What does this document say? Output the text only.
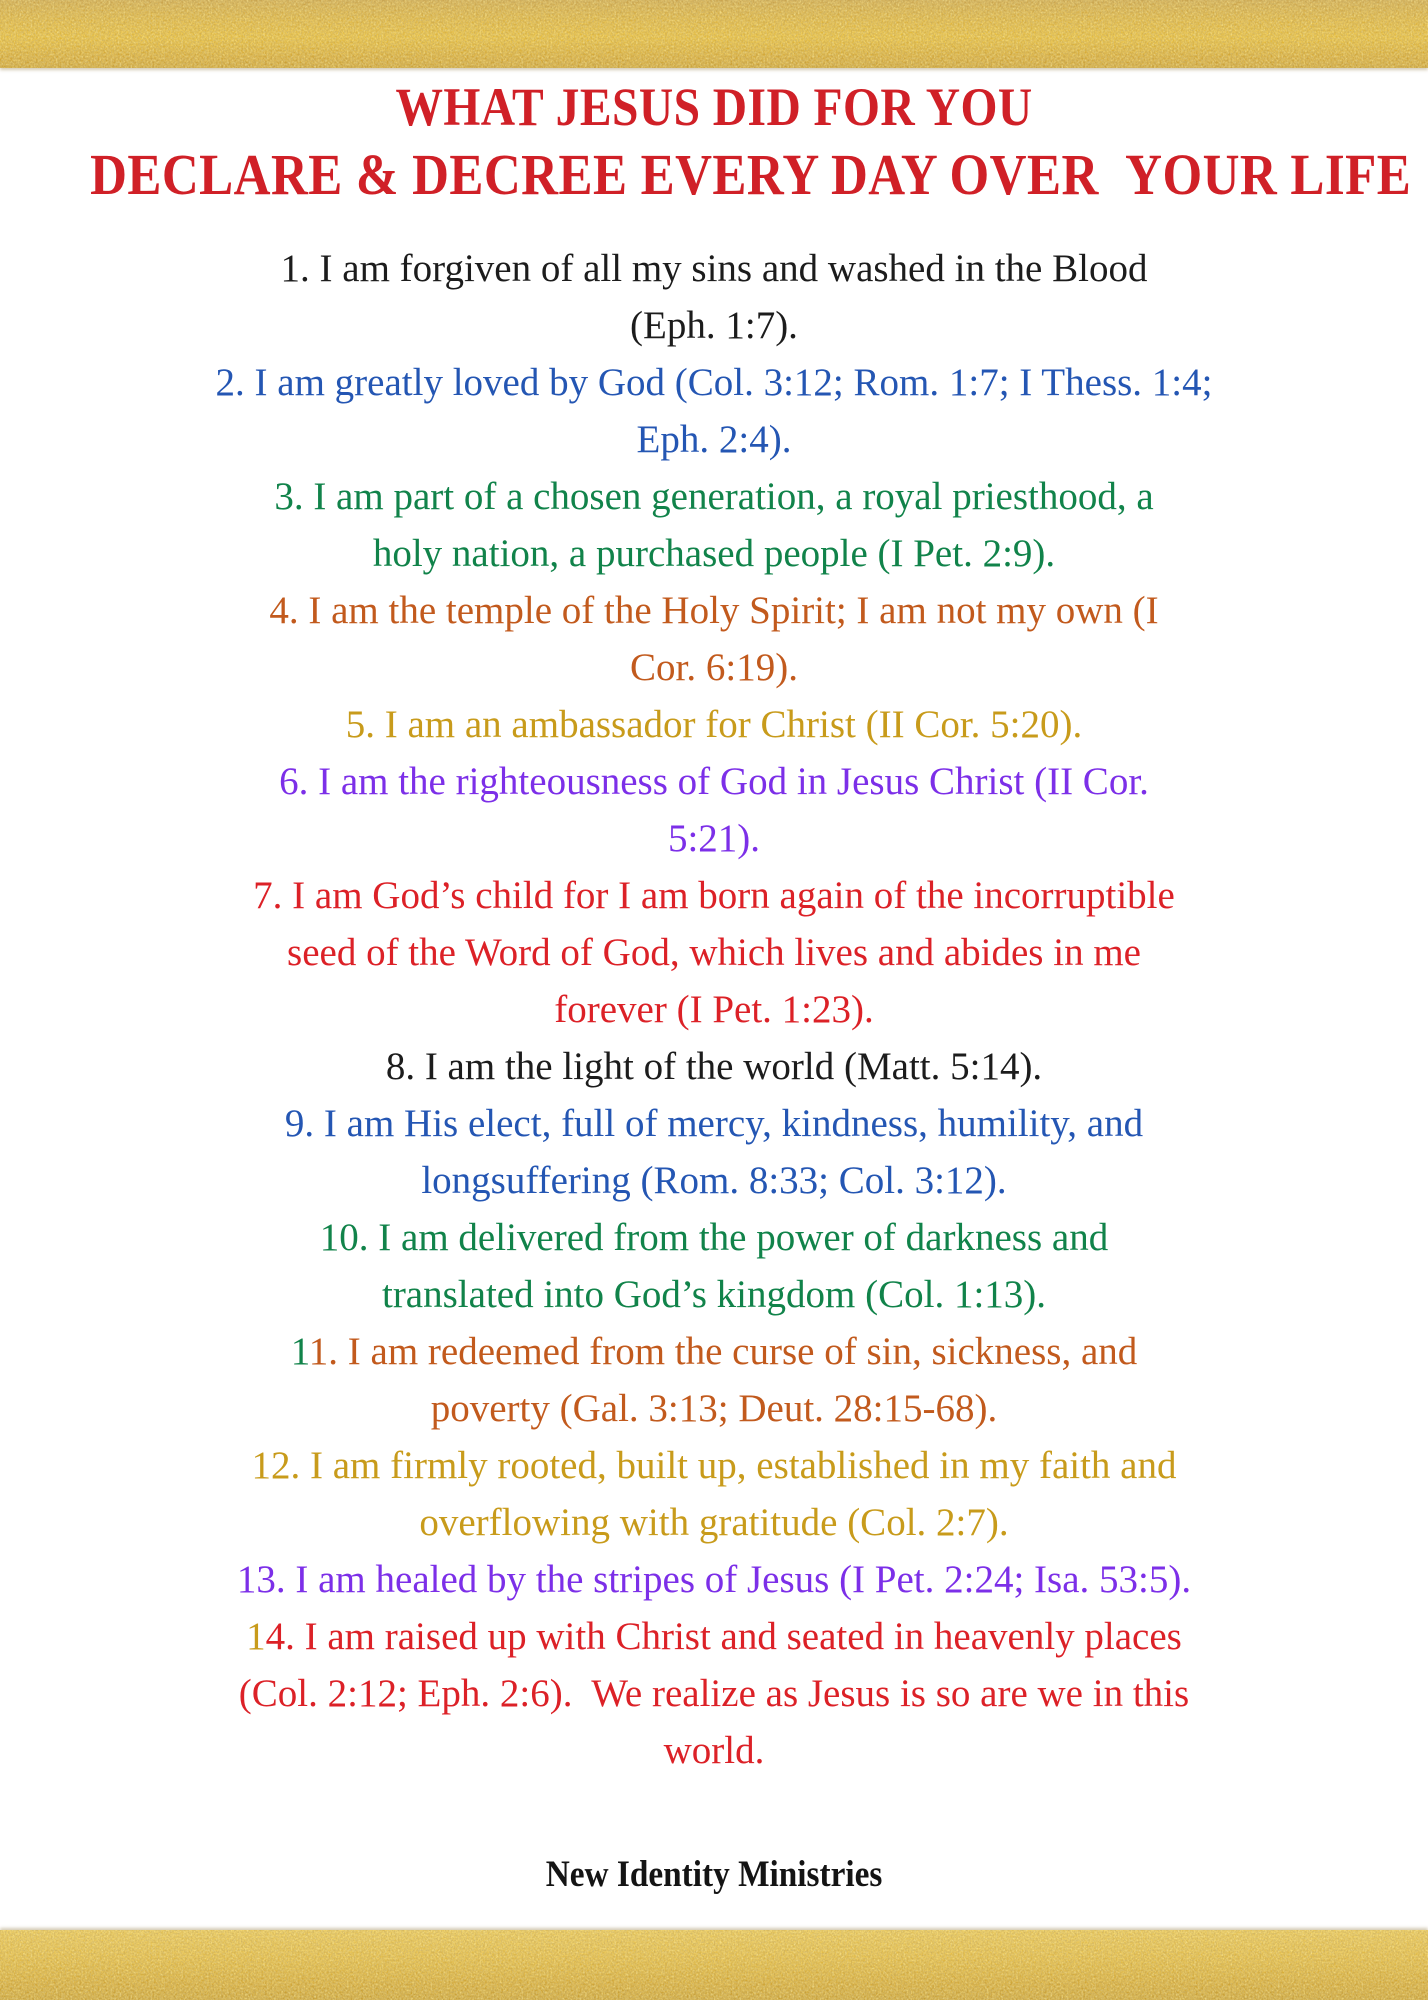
WHAT JESUS DID FOR YOU
DECLARE & DECREE EVERY DAY OVER  YOUR LIFE
1. I am forgiven of all my sins and washed in the Blood
(Eph. 1:7).
2. I am greatly loved by God (Col. 3:12; Rom. 1:7; I Thess. 1:4;
Eph. 2:4).
3. I am part of a chosen generation, a royal priesthood, a
holy nation, a purchased people (I Pet. 2:9).
4. I am the temple of the Holy Spirit; I am not my own (I
Cor. 6:19).
5. I am an ambassador for Christ (II Cor. 5:20).
6. I am the righteousness of God in Jesus Christ (II Cor.
5:21).
7. I am God’s child for I am born again of the incorruptible
seed of the Word of God, which lives and abides in me
forever (I Pet. 1:23).
8. I am the light of the world (Matt. 5:14).
9. I am His elect, full of mercy, kindness, humility, and
longsuffering (Rom. 8:33; Col. 3:12).
10. I am delivered from the power of darkness and
translated into God’s kingdom (Col. 1:13).
11. I am redeemed from the curse of sin, sickness, and
poverty (Gal. 3:13; Deut. 28:15-68).
12. I am firmly rooted, built up, established in my faith and
overflowing with gratitude (Col. 2:7).
13. I am healed by the stripes of Jesus (I Pet. 2:24; Isa. 53:5).
14. I am raised up with Christ and seated in heavenly places
(Col. 2:12; Eph. 2:6).  We realize as Jesus is so are we in this
world.
New Identity Ministries
